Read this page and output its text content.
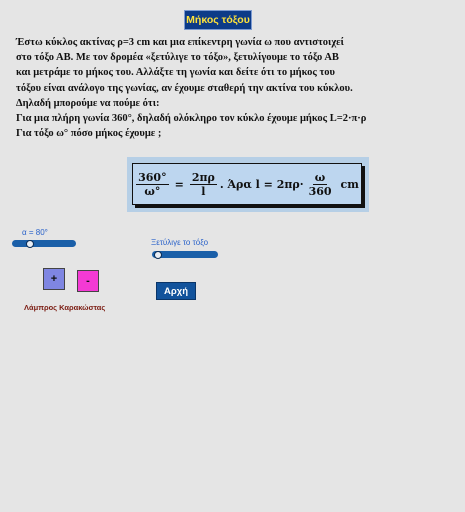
Μήκος τόξου
Έστω κύκλος ακτίνας ρ=3 cm και μια επίκεντρη γωνία ω που αντιστοιχεί
στο τόξο ΑΒ. Με τον δρομέα «ξετύλιγε το τόξο», ξετυλίγουμε το τόξο ΑΒ
και μετράμε το μήκος του. Αλλάξτε τη γωνία και δείτε ότι το μήκος του
τόξου είναι ανάλογο της γωνίας, αν έχουμε σταθερή την ακτίνα του κύκλου.
Δηλαδή μπορούμε να πούμε ότι:
Για μια πλήρη γωνία 360°, δηλαδή ολόκληρο τον κύκλο έχουμε μήκος L=2·π·ρ
Για τόξο ω° πόσο μήκος έχουμε ;
$\frac{360^\circ}{\omega^\circ} = \frac{2\pi\rho}{l}$ . Άρα $l = 2\pi\rho\cdot \frac{\omega}{360}$ cm
α = 80°
Ξετύλιγε το τόξο
+	-
Αρχή
Λάμπρος Καρακώστας
